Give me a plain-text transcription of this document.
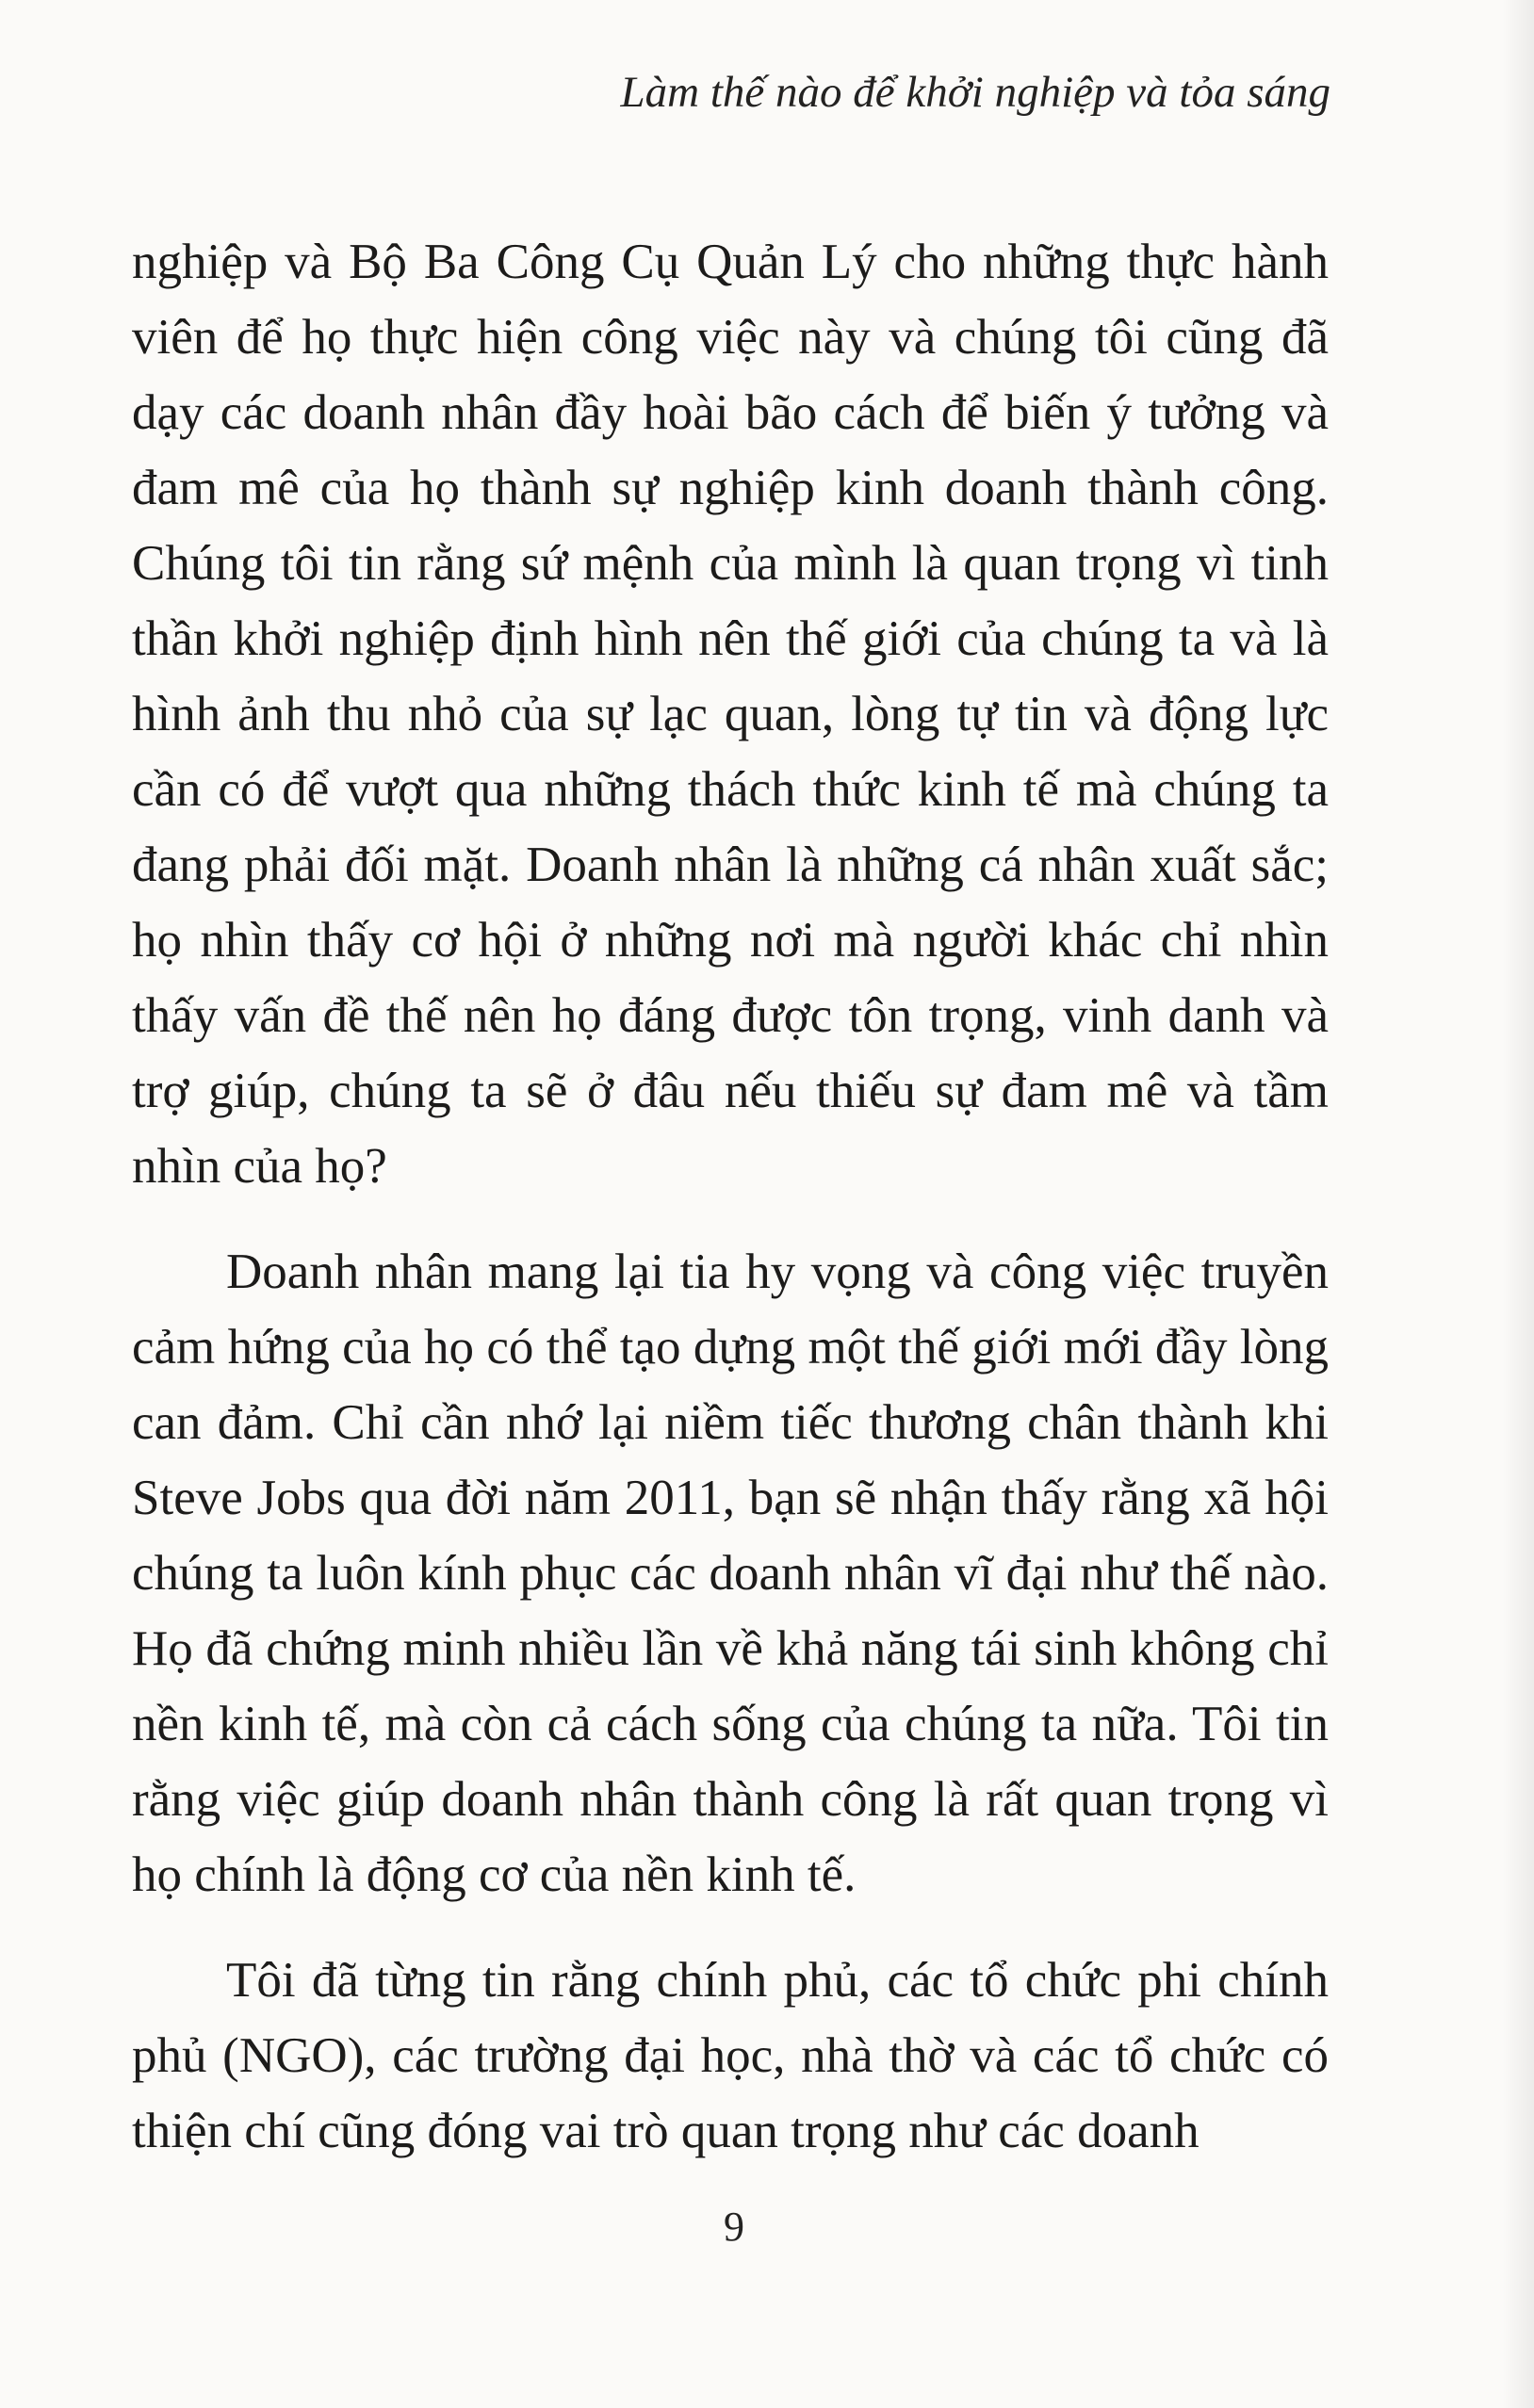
Làm thế nào để khởi nghiệp và tỏa sáng

nghiệp và Bộ Ba Công Cụ Quản Lý cho những thực hành viên để họ thực hiện công việc này và chúng tôi cũng đã dạy các doanh nhân đầy hoài bão cách để biến ý tưởng và đam mê của họ thành sự nghiệp kinh doanh thành công. Chúng tôi tin rằng sứ mệnh của mình là quan trọng vì tinh thần khởi nghiệp định hình nên thế giới của chúng ta và là hình ảnh thu nhỏ của sự lạc quan, lòng tự tin và động lực cần có để vượt qua những thách thức kinh tế mà chúng ta đang phải đối mặt. Doanh nhân là những cá nhân xuất sắc; họ nhìn thấy cơ hội ở những nơi mà người khác chỉ nhìn thấy vấn đề thế nên họ đáng được tôn trọng, vinh danh và trợ giúp, chúng ta sẽ ở đâu nếu thiếu sự đam mê và tầm nhìn của họ?

Doanh nhân mang lại tia hy vọng và công việc truyền cảm hứng của họ có thể tạo dựng một thế giới mới đầy lòng can đảm. Chỉ cần nhớ lại niềm tiếc thương chân thành khi Steve Jobs qua đời năm 2011, bạn sẽ nhận thấy rằng xã hội chúng ta luôn kính phục các doanh nhân vĩ đại như thế nào. Họ đã chứng minh nhiều lần về khả năng tái sinh không chỉ nền kinh tế, mà còn cả cách sống của chúng ta nữa. Tôi tin rằng việc giúp doanh nhân thành công là rất quan trọng vì họ chính là động cơ của nền kinh tế.

Tôi đã từng tin rằng chính phủ, các tổ chức phi chính phủ (NGO), các trường đại học, nhà thờ và các tổ chức có thiện chí cũng đóng vai trò quan trọng như các doanh

9
